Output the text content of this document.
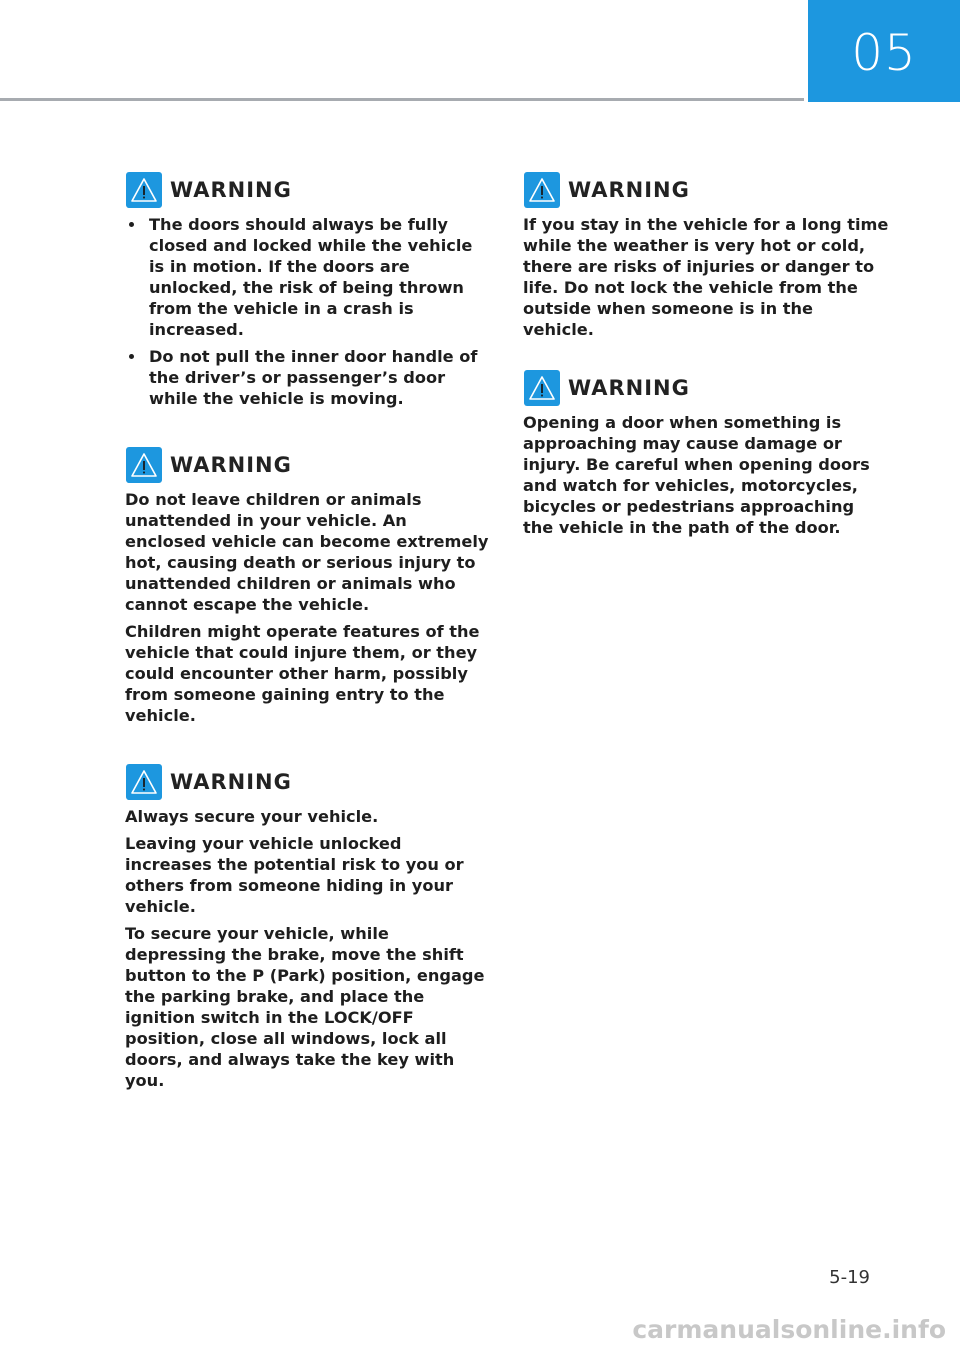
05
WARNING
The doors should always be fully closed and locked while the vehicle is in motion. If the doors are unlocked, the risk of being thrown from the vehicle in a crash is increased.
Do not pull the inner door handle of the driver’s or passenger’s door while the vehicle is moving.
WARNING

Do not leave children or animals unattended in your vehicle. An enclosed vehicle can become extremely hot, causing death or serious injury to unattended children or animals who cannot escape the vehicle.

Children might operate features of the vehicle that could injure them, or they could encounter other harm, possibly from someone gaining entry to the vehicle.

WARNING

Always secure your vehicle.

Leaving your vehicle unlocked increases the potential risk to you or others from someone hiding in your vehicle.

To secure your vehicle, while depressing the brake, move the shift button to the P (Park) position, engage the parking brake, and place the ignition switch in the LOCK/OFF position, close all windows, lock all doors, and always take the key with you.

WARNING

If you stay in the vehicle for a long time while the weather is very hot or cold, there are risks of injuries or danger to life. Do not lock the vehicle from the outside when someone is in the vehicle.

WARNING

Opening a door when something is approaching may cause damage or injury. Be careful when opening doors and watch for vehicles, motorcycles, bicycles or pedestrians approaching the vehicle in the path of the door.

5-19
carmanualsonline.info
